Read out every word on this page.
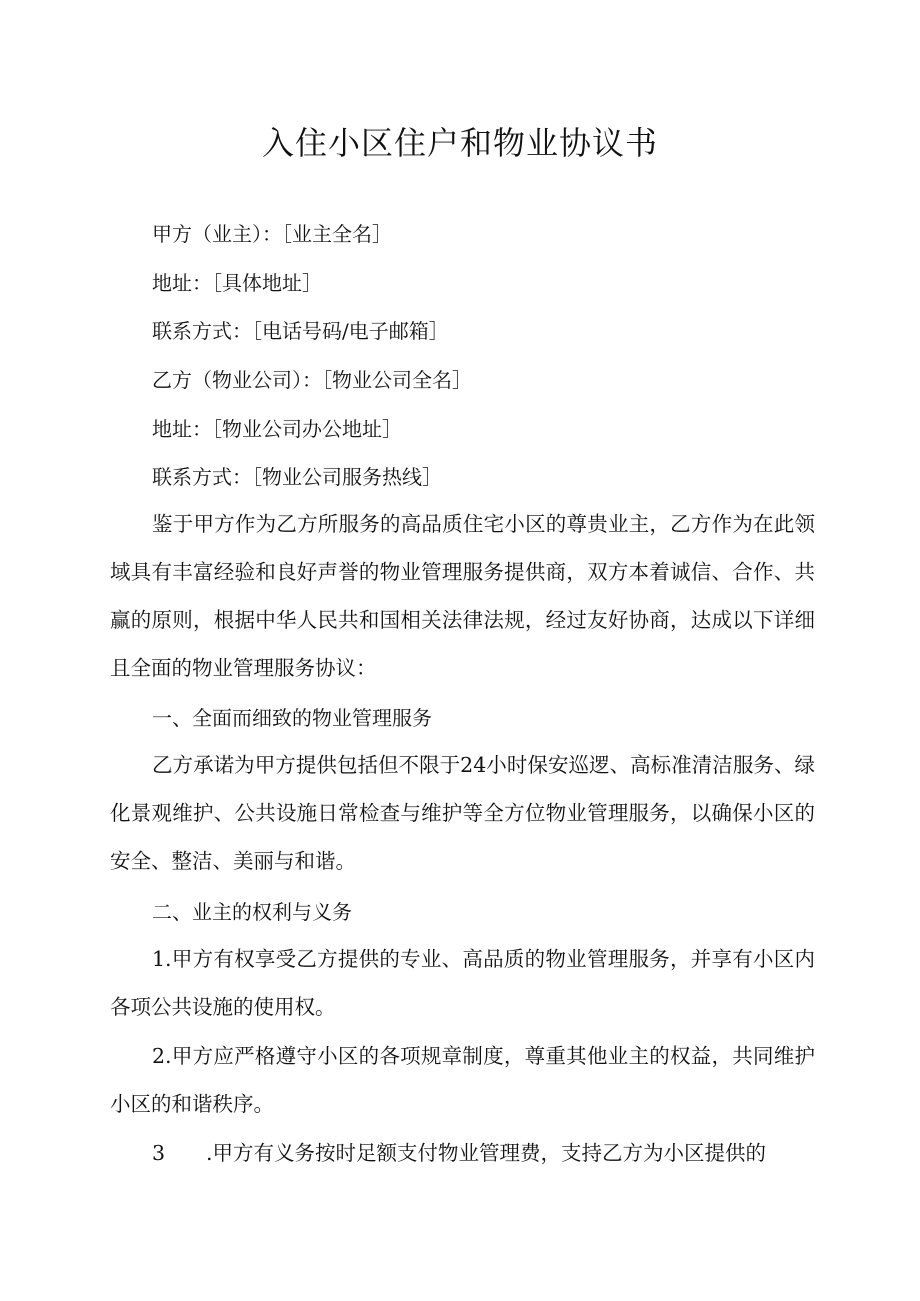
入住小区住户和物业协议书

甲方（业主）：［业主全名］

地址：［具体地址］

联系方式：［电话号码/电子邮箱］

乙方（物业公司）：［物业公司全名］

地址：［物业公司办公地址］

联系方式：［物业公司服务热线］

鉴于甲方作为乙方所服务的高品质住宅小区的尊贵业主，乙方作为在此领域具有丰富经验和良好声誉的物业管理服务提供商，双方本着诚信、合作、共赢的原则，根据中华人民共和国相关法律法规，经过友好协商，达成以下详细且全面的物业管理服务协议：

一、全面而细致的物业管理服务

乙方承诺为甲方提供包括但不限于24小时保安巡逻、高标准清洁服务、绿化景观维护、公共设施日常检查与维护等全方位物业管理服务，以确保小区的安全、整洁、美丽与和谐。

二、业主的权利与义务

1.甲方有权享受乙方提供的专业、高品质的物业管理服务，并享有小区内各项公共设施的使用权。

2.甲方应严格遵守小区的各项规章制度，尊重其他业主的权益，共同维护小区的和谐秩序。

3 .甲方有义务按时足额支付物业管理费，支持乙方为小区提供的
